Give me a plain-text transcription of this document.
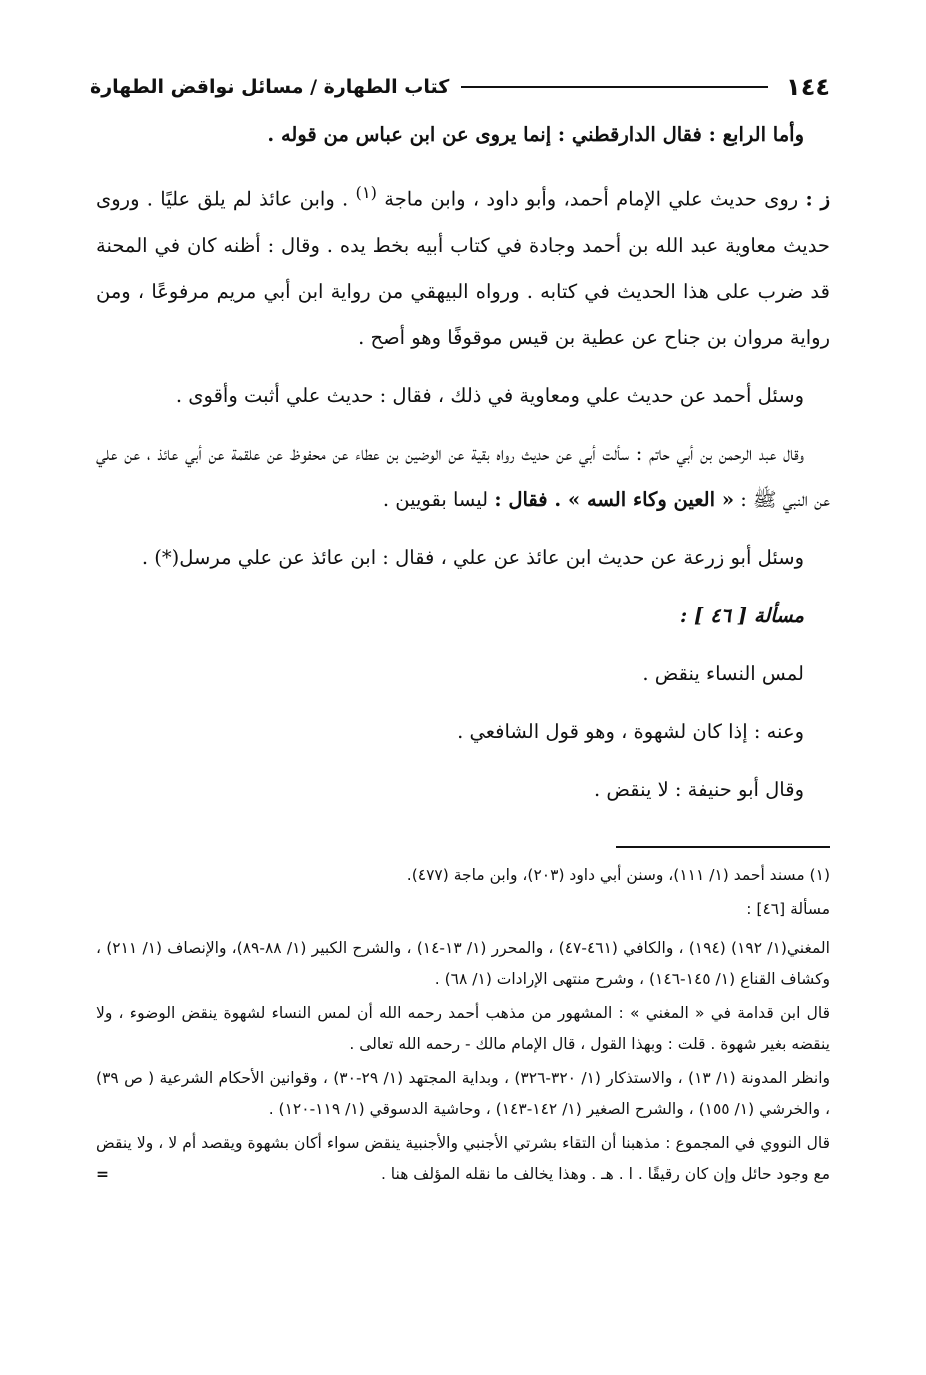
١٤٤
كتاب الطهارة / مسائل نواقض الطهارة

وأما الرابع : فقال الدارقطني : إنما يروى عن ابن عباس من قوله .

ز : روى حديث علي الإمام أحمد، وأبو داود ، وابن ماجة $^{(١)}$ . وابن عائذ لم يلق عليًا . وروى حديث معاوية عبد الله بن أحمد وجادة في كتاب أبيه بخط يده . وقال : أظنه كان في المحنة قد ضرب على هذا الحديث في كتابه . ورواه البيهقي من رواية ابن أبي مريم مرفوعًا ، ومن رواية مروان بن جناح عن عطية بن قيس موقوفًا وهو أصح .

وسئل أحمد عن حديث علي ومعاوية في ذلك ، فقال : حديث علي أثبت وأقوى .

وقال عبد الرحمن بن أبي حاتم : سألت أبي عن حديث رواه بقية عن الوضين بن عطاء عن محفوظ عن علقمة عن أبي عائذ ، عن علي عن النبي ﷺ : « العين وكاء السه » . فقال : ليسا بقويين .

وسئل أبو زرعة عن حديث ابن عائذ عن علي ، فقال : ابن عائذ عن علي مرسل(*) .

مسألة [ ٤٦ ] :

لمس النساء ينقض .

وعنه : إذا كان لشهوة ، وهو قول الشافعي .

وقال أبو حنيفة : لا ينقض .

(١) مسند أحمد (١/ ١١١)، وسنن أبي داود (٢٠٣)، وابن ماجة (٤٧٧).

مسألة [٤٦] :

المغني(١/ ١٩٢) (١٩٤) ، والكافي (٤٦١-٤٧) ، والمحرر (١/ ١٣-١٤) ، والشرح الكبير (١/ ٨٨-٨٩)، والإنصاف (١/ ٢١١) ، وكشاف القناع (١/ ١٤٥-١٤٦) ، وشرح منتهى الإرادات (١/ ٦٨) .

قال ابن قدامة في « المغني » : المشهور من مذهب أحمد رحمه الله أن لمس النساء لشهوة ينقض الوضوء ، ولا ينقضه بغير شهوة . قلت : وبهذا القول ، قال الإمام مالك - رحمه الله تعالى .

وانظر المدونة (١/ ١٣) ، والاستذكار (١/ ٣٢٠-٣٢٦) ، وبداية المجتهد (١/ ٢٩-٣٠) ، وقوانين الأحكام الشرعية ( ص ٣٩) ، والخرشي (١/ ١٥٥) ، والشرح الصغير (١/ ١٤٢-١٤٣) ، وحاشية الدسوقي (١/ ١١٩-١٢٠) .

قال النووي في المجموع : مذهبنا أن التقاء بشرتي الأجنبي والأجنبية ينقض سواء أكان بشهوة ويقصد أم لا ، ولا ينقض مع وجود حائل وإن كان رقيقًا . ا . هـ . وهذا يخالف ما نقله المؤلف هنا .
=
